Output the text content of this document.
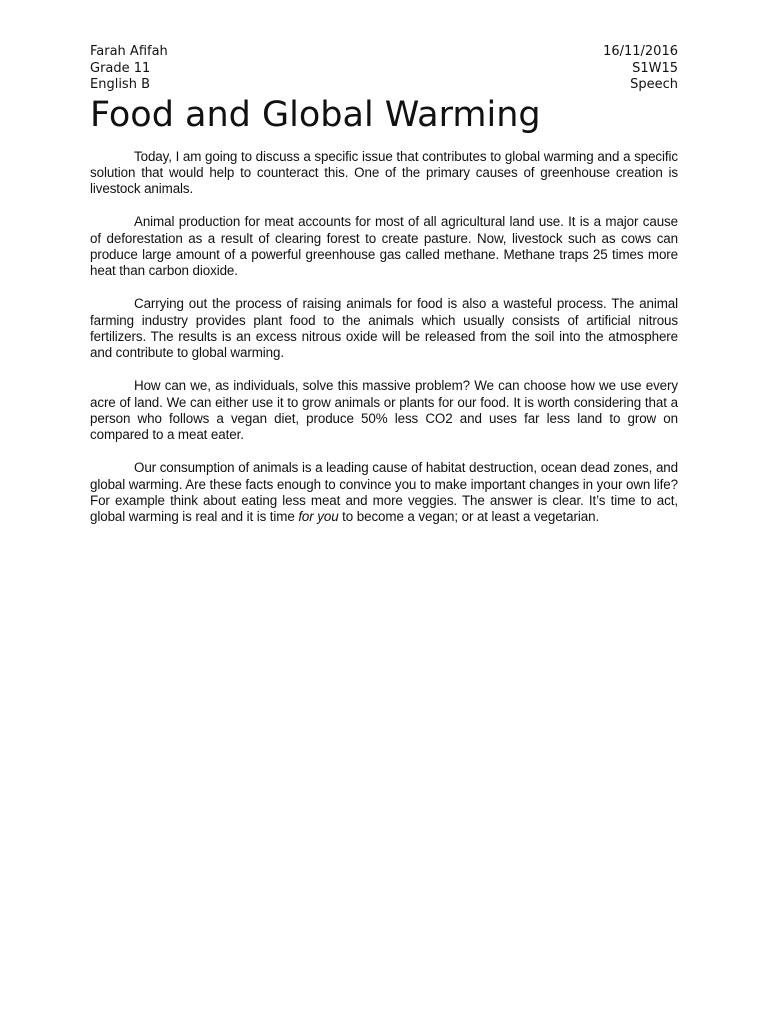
Farah Afifah	16/11/2016
Grade 11	S1W15
English B	Speech
Food and Global Warming

Today, I am going to discuss a specific issue that contributes to global warming and a specific solution that would help to counteract this. One of the primary causes of greenhouse creation is livestock animals.

Animal production for meat accounts for most of all agricultural land use. It is a major cause of deforestation as a result of clearing forest to create pasture. Now, livestock such as cows can produce large amount of a powerful greenhouse gas called methane. Methane traps 25 times more heat than carbon dioxide.

Carrying out the process of raising animals for food is also a wasteful process. The animal farming industry provides plant food to the animals which usually consists of artificial nitrous fertilizers. The results is an excess nitrous oxide will be released from the soil into the atmosphere and contribute to global warming.

How can we, as individuals, solve this massive problem? We can choose how we use every acre of land. We can either use it to grow animals or plants for our food. It is worth considering that a person who follows a vegan diet, produce 50% less CO2 and uses far less land to grow on compared to a meat eater.

Our consumption of animals is a leading cause of habitat destruction, ocean dead zones, and global warming. Are these facts enough to convince you to make important changes in your own life? For example think about eating less meat and more veggies. The answer is clear. It’s time to act, global warming is real and it is time for you to become a vegan; or at least a vegetarian.
